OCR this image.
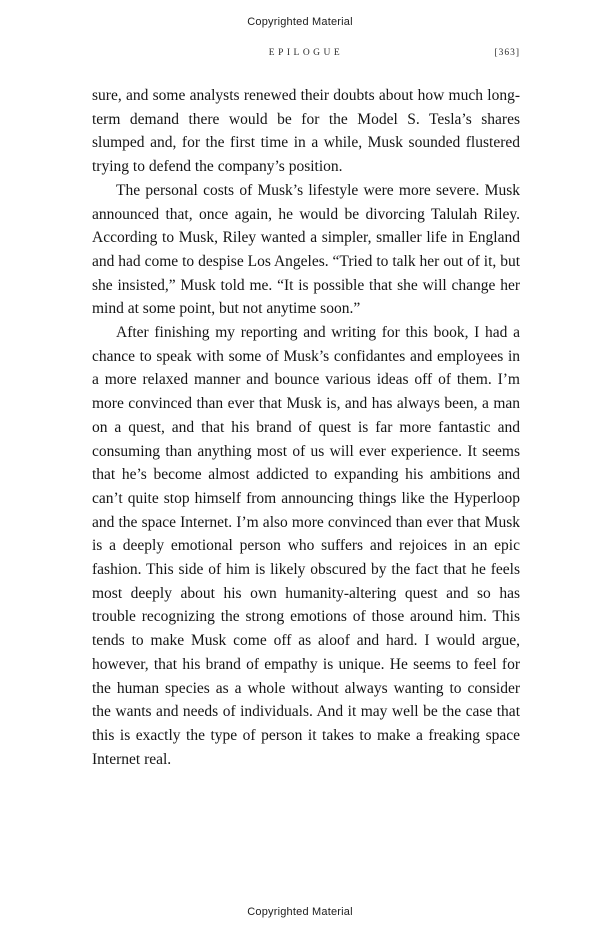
Copyrighted Material
EPILOGUE	[363]

sure, and some analysts renewed their doubts about how much long-term demand there would be for the Model S. Tesla’s shares slumped and, for the first time in a while, Musk sounded flustered trying to defend the company’s position.

The personal costs of Musk’s lifestyle were more severe. Musk announced that, once again, he would be divorcing Talulah Riley. According to Musk, Riley wanted a simpler, smaller life in England and had come to despise Los Angeles. “Tried to talk her out of it, but she insisted,” Musk told me. “It is possible that she will change her mind at some point, but not anytime soon.”

After finishing my reporting and writing for this book, I had a chance to speak with some of Musk’s confidantes and employees in a more relaxed manner and bounce various ideas off of them. I’m more convinced than ever that Musk is, and has always been, a man on a quest, and that his brand of quest is far more fantastic and consuming than anything most of us will ever experience. It seems that he’s become almost addicted to expanding his ambitions and can’t quite stop himself from announcing things like the Hyperloop and the space Internet. I’m also more convinced than ever that Musk is a deeply emotional person who suffers and rejoices in an epic fashion. This side of him is likely obscured by the fact that he feels most deeply about his own humanity-altering quest and so has trouble recognizing the strong emotions of those around him. This tends to make Musk come off as aloof and hard. I would argue, however, that his brand of empathy is unique. He seems to feel for the human species as a whole without always wanting to consider the wants and needs of individuals. And it may well be the case that this is exactly the type of person it takes to make a freaking space Internet real.

Copyrighted Material
